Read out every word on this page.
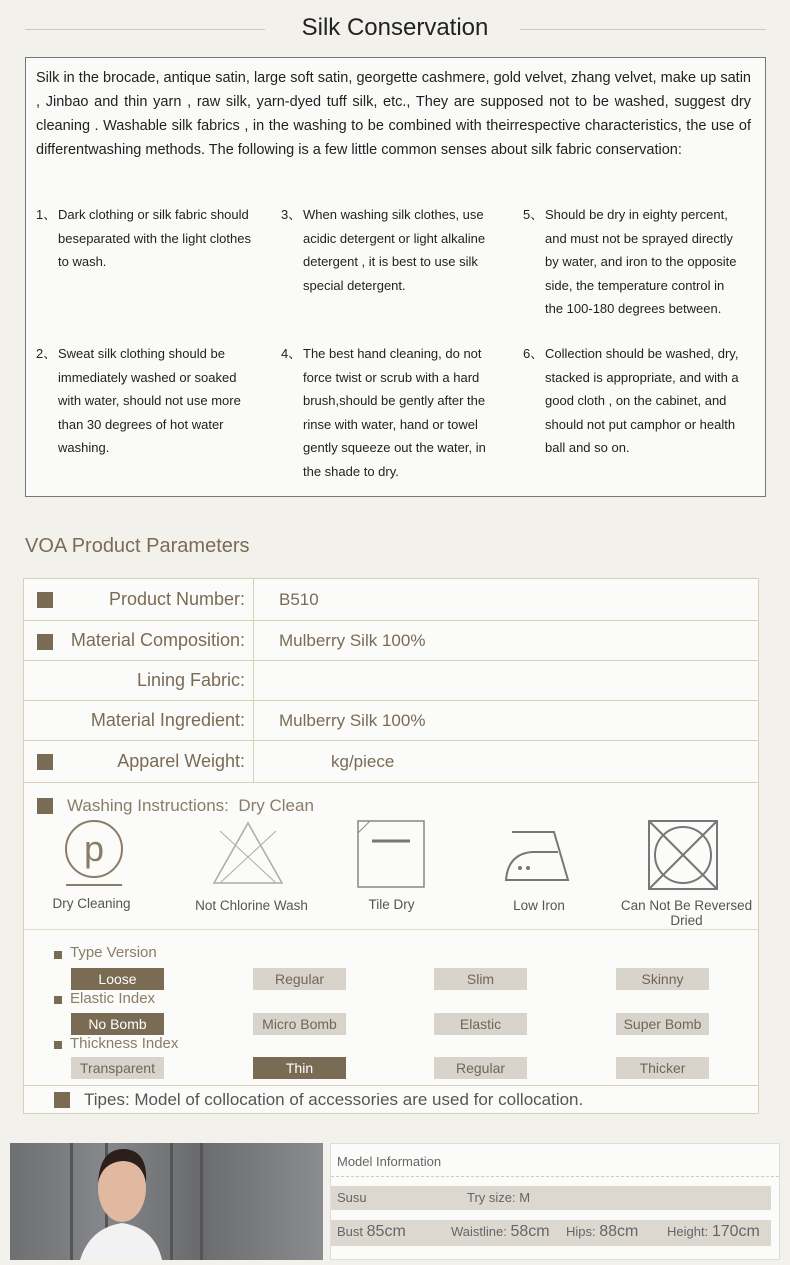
Silk Conservation
Silk in the brocade, antique satin, large soft satin, georgette cashmere, gold velvet, zhang velvet, make up satin , Jinbao and thin yarn , raw silk, yarn-dyed tuff silk, etc., They are supposed not to be washed, suggest dry cleaning . Washable silk fabrics , in the washing to be combined with theirrespective characteristics, the use of differentwashing methods. The following is a few little common senses about silk fabric conservation:
1、 Dark clothing or silk fabric should beseparated with the light clothes to wash.
3、 When washing silk clothes, use acidic detergent or light alkaline detergent , it is best to use silk special detergent.
5、 Should be dry in eighty percent, and must not be sprayed directly by water, and iron to the opposite side, the temperature control in the 100-180 degrees between.
2、 Sweat silk clothing should be immediately washed or soaked with water, should not use more than 30 degrees of hot water washing.
4、 The best hand cleaning, do not force twist or scrub with a hard brush,should be gently after the rinse with water, hand or towel gently squeeze out the water, in the shade to dry.
6、 Collection should be washed, dry, stacked is appropriate, and with a good cloth , on the cabinet, and should not put camphor or health ball and so on.
VOA Product Parameters
Product Number:	B510
Material Composition:	Mulberry Silk 100%
Lining Fabric:
Material Ingredient:	Mulberry Silk 100%
Apparel Weight:	kg/piece
Washing Instructions: Dry Clean
p
Dry Cleaning	Not Chlorine Wash	Tile Dry	Low Iron	Can Not Be Reversed Dried
Type Version
Loose	Regular	Slim	Skinny
Elastic Index
No Bomb	Micro Bomb	Elastic	Super Bomb
Thickness Index
Transparent	Thin	Regular	Thicker
Tipes: Model of collocation of accessories are used for collocation.
Model Information
Susu	Try size: M
Bust 85cm	Waistline: 58cm Hips: 88cm Height: 170cm
